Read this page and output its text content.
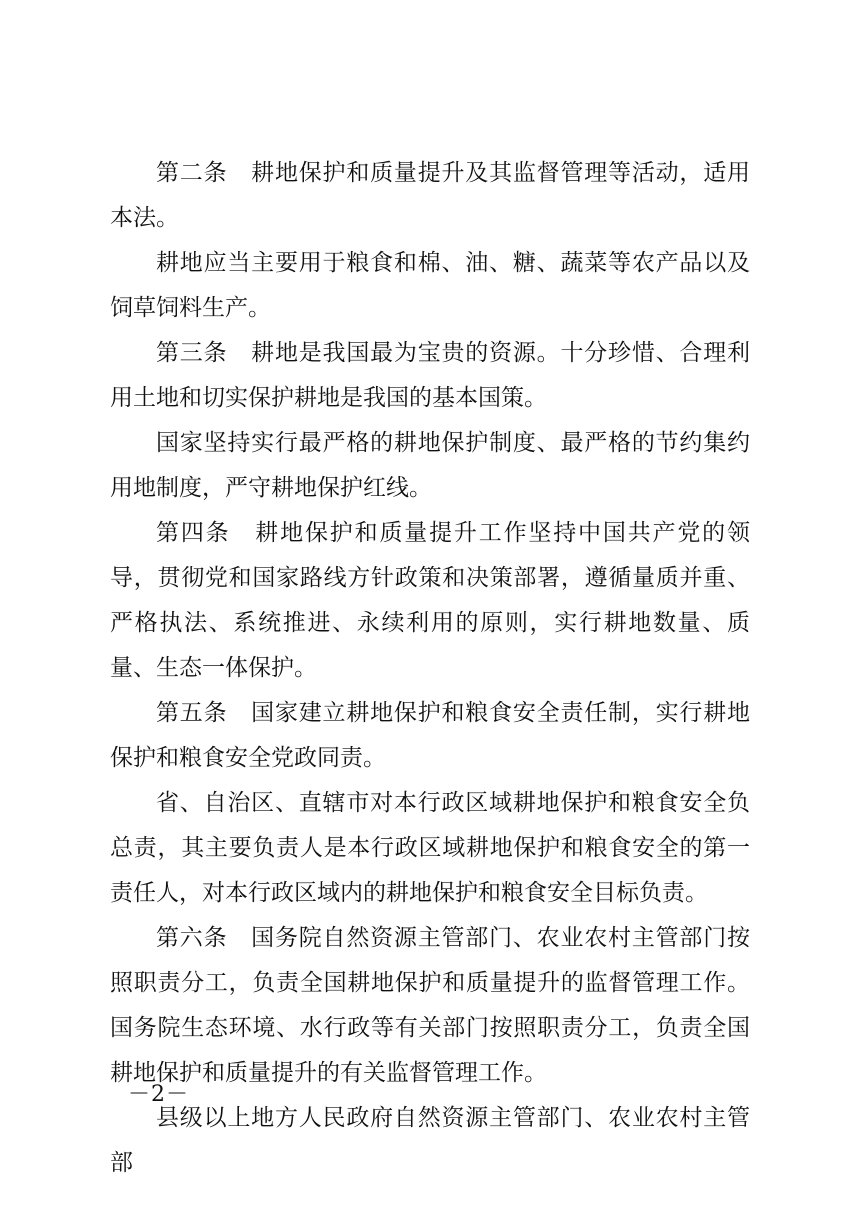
第二条 耕地保护和质量提升及其监督管理等活动，适用本法。

耕地应当主要用于粮食和棉、油、糖、蔬菜等农产品以及饲草饲料生产。

第三条 耕地是我国最为宝贵的资源。十分珍惜、合理利用土地和切实保护耕地是我国的基本国策。

国家坚持实行最严格的耕地保护制度、最严格的节约集约用地制度，严守耕地保护红线。

第四条 耕地保护和质量提升工作坚持中国共产党的领导，贯彻党和国家路线方针政策和决策部署，遵循量质并重、严格执法、系统推进、永续利用的原则，实行耕地数量、质量、生态一体保护。

第五条 国家建立耕地保护和粮食安全责任制，实行耕地保护和粮食安全党政同责。

省、自治区、直辖市对本行政区域耕地保护和粮食安全负总责，其主要负责人是本行政区域耕地保护和粮食安全的第一责任人，对本行政区域内的耕地保护和粮食安全目标负责。

第六条 国务院自然资源主管部门、农业农村主管部门按照职责分工，负责全国耕地保护和质量提升的监督管理工作。国务院生态环境、水行政等有关部门按照职责分工，负责全国耕地保护和质量提升的有关监督管理工作。

县级以上地方人民政府自然资源主管部门、农业农村主管部

－2－
